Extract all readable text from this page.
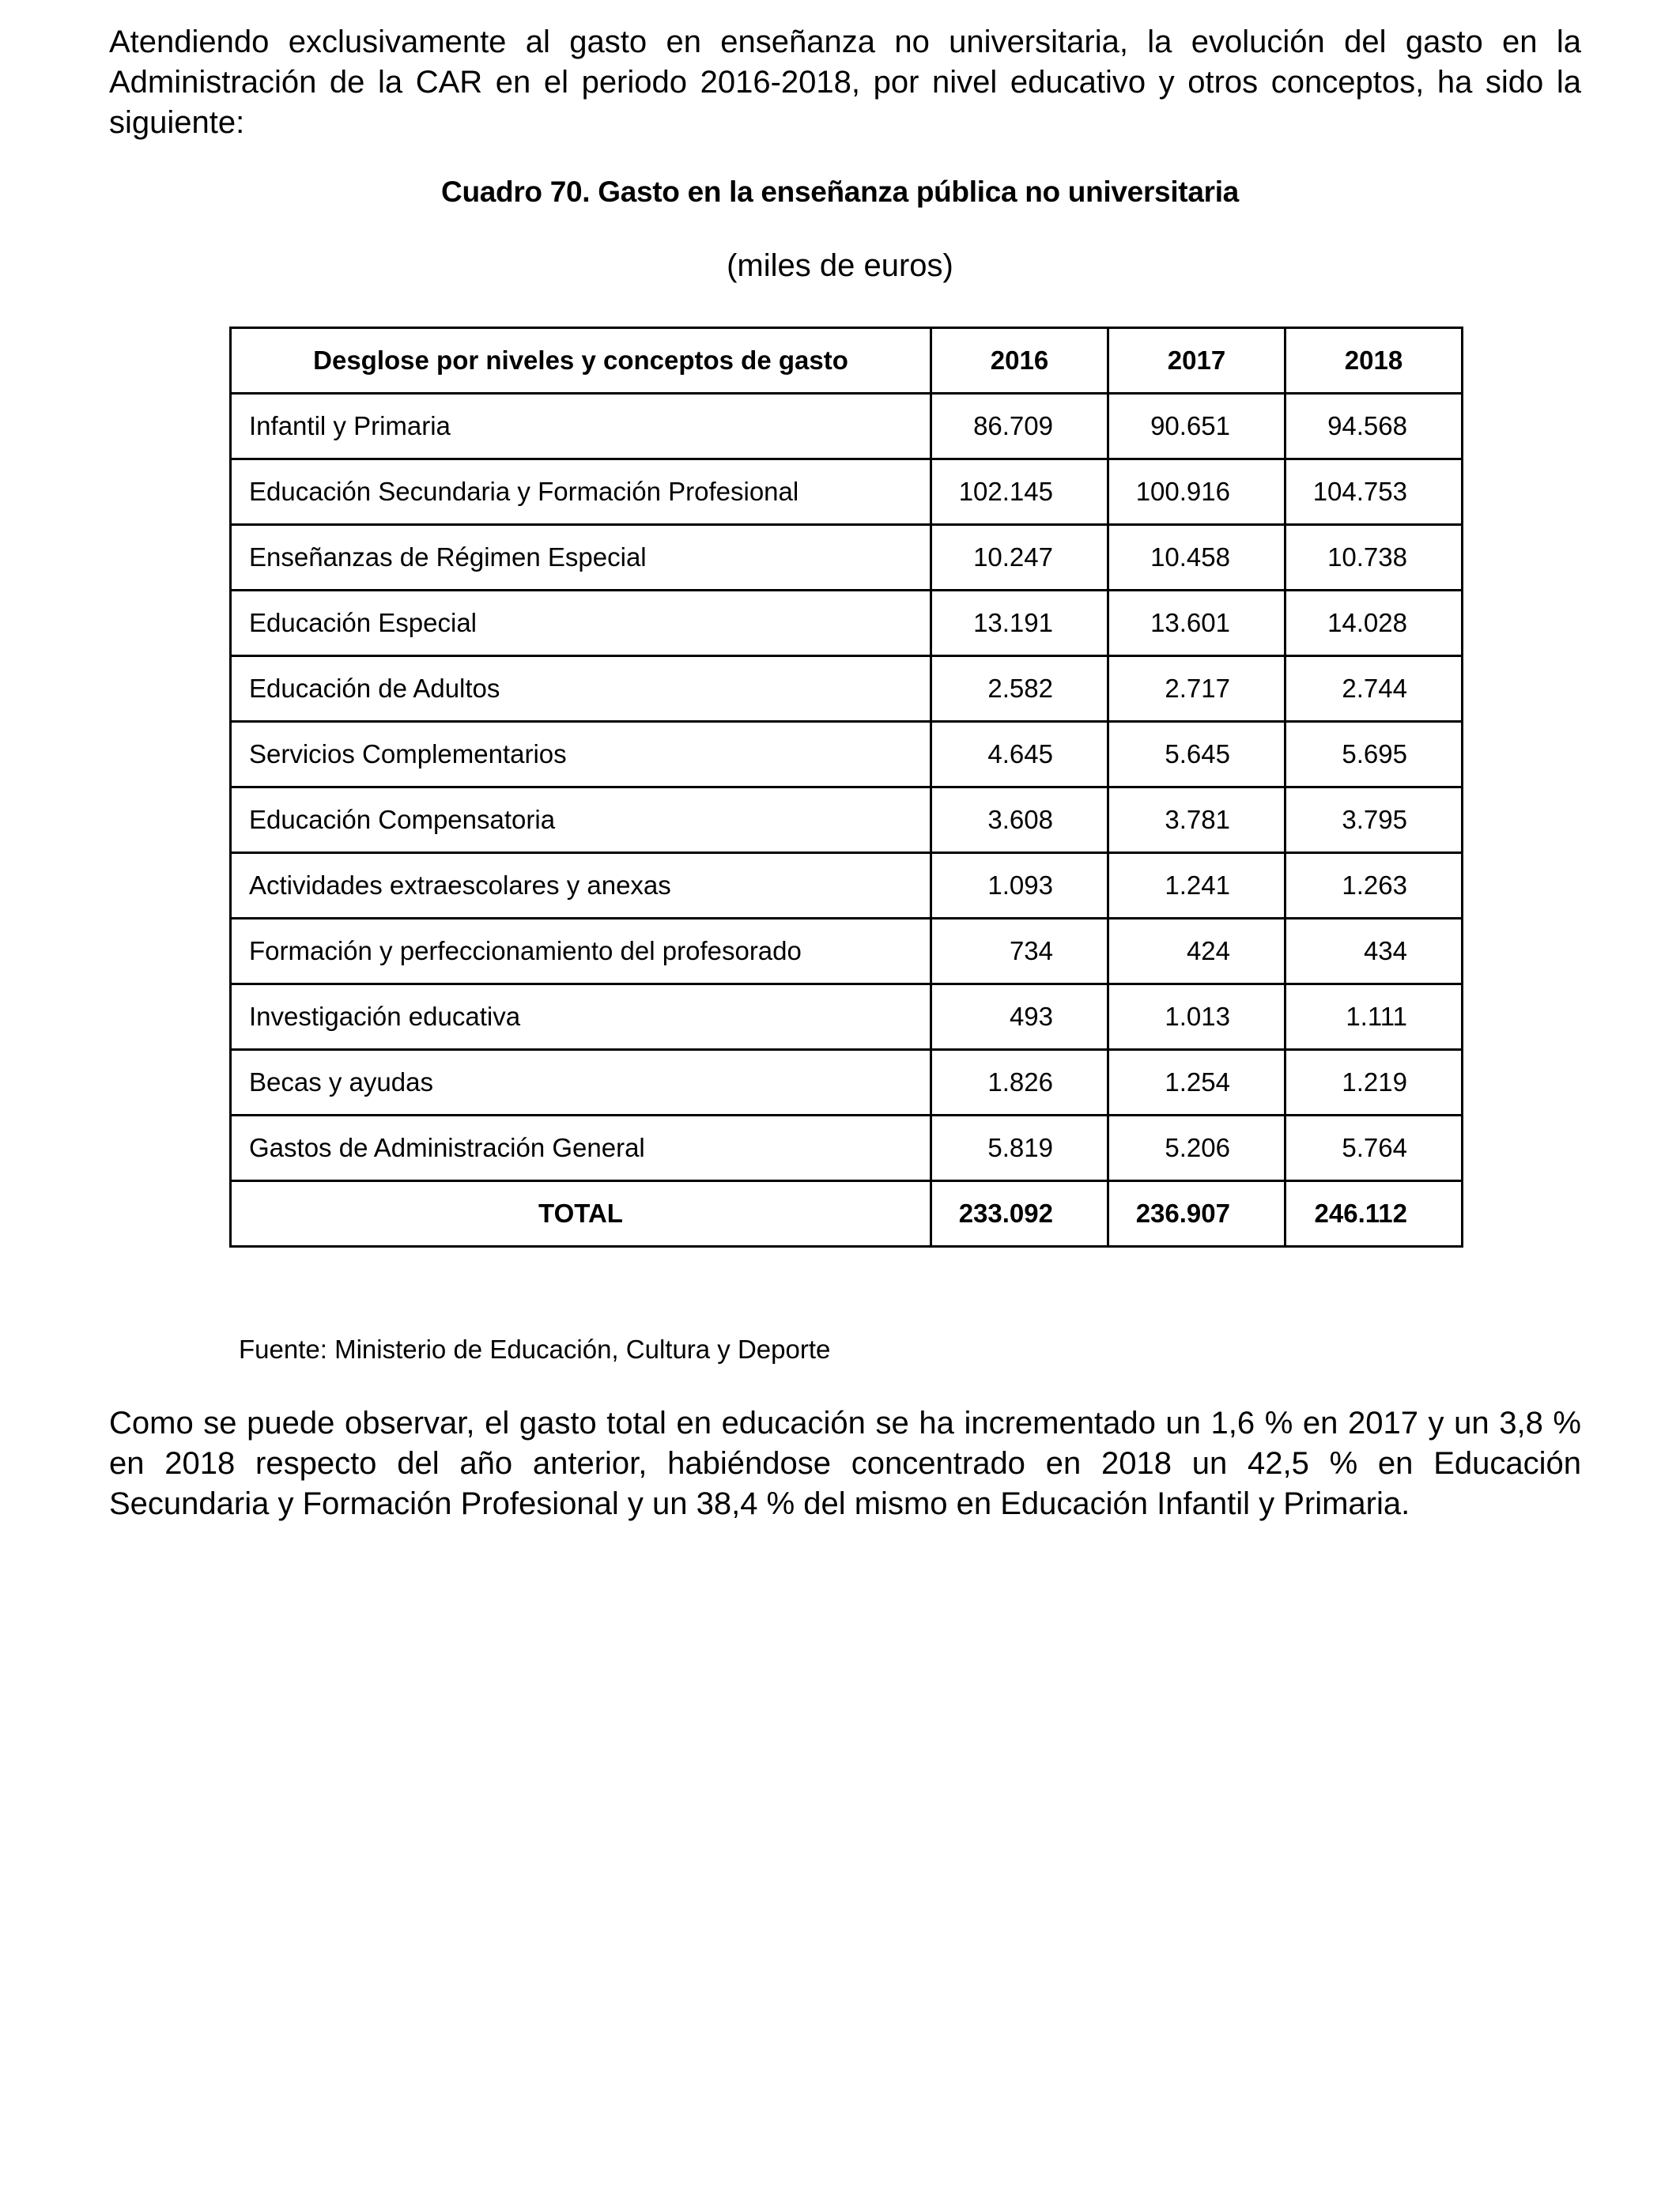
Atendiendo exclusivamente al gasto en enseñanza no universitaria, la evolución del gasto en la Administración de la CAR en el periodo 2016-2018, por nivel educativo y otros conceptos, ha sido la siguiente:

Cuadro 70. Gasto en la enseñanza pública no universitaria

(miles de euros)

Desglose por niveles y conceptos de gasto	2016	2017	2018
Infantil y Primaria	86.709	90.651	94.568
Educación Secundaria y Formación Profesional	102.145	100.916	104.753
Enseñanzas de Régimen Especial	10.247	10.458	10.738
Educación Especial	13.191	13.601	14.028
Educación de Adultos	2.582	2.717	2.744
Servicios Complementarios	4.645	5.645	5.695
Educación Compensatoria	3.608	3.781	3.795
Actividades extraescolares y anexas	1.093	1.241	1.263
Formación y perfeccionamiento del profesorado	734	424	434
Investigación educativa	493	1.013	1.111
Becas y ayudas	1.826	1.254	1.219
Gastos de Administración General	5.819	5.206	5.764
TOTAL	233.092	236.907	246.112

Fuente: Ministerio de Educación, Cultura y Deporte

Como se puede observar, el gasto total en educación se ha incrementado un 1,6 % en 2017 y un 3,8 % en 2018 respecto del año anterior, habiéndose concentrado en 2018 un 42,5 % en Educación Secundaria y Formación Profesional y un 38,4 % del mismo en Educación Infantil y Primaria.
